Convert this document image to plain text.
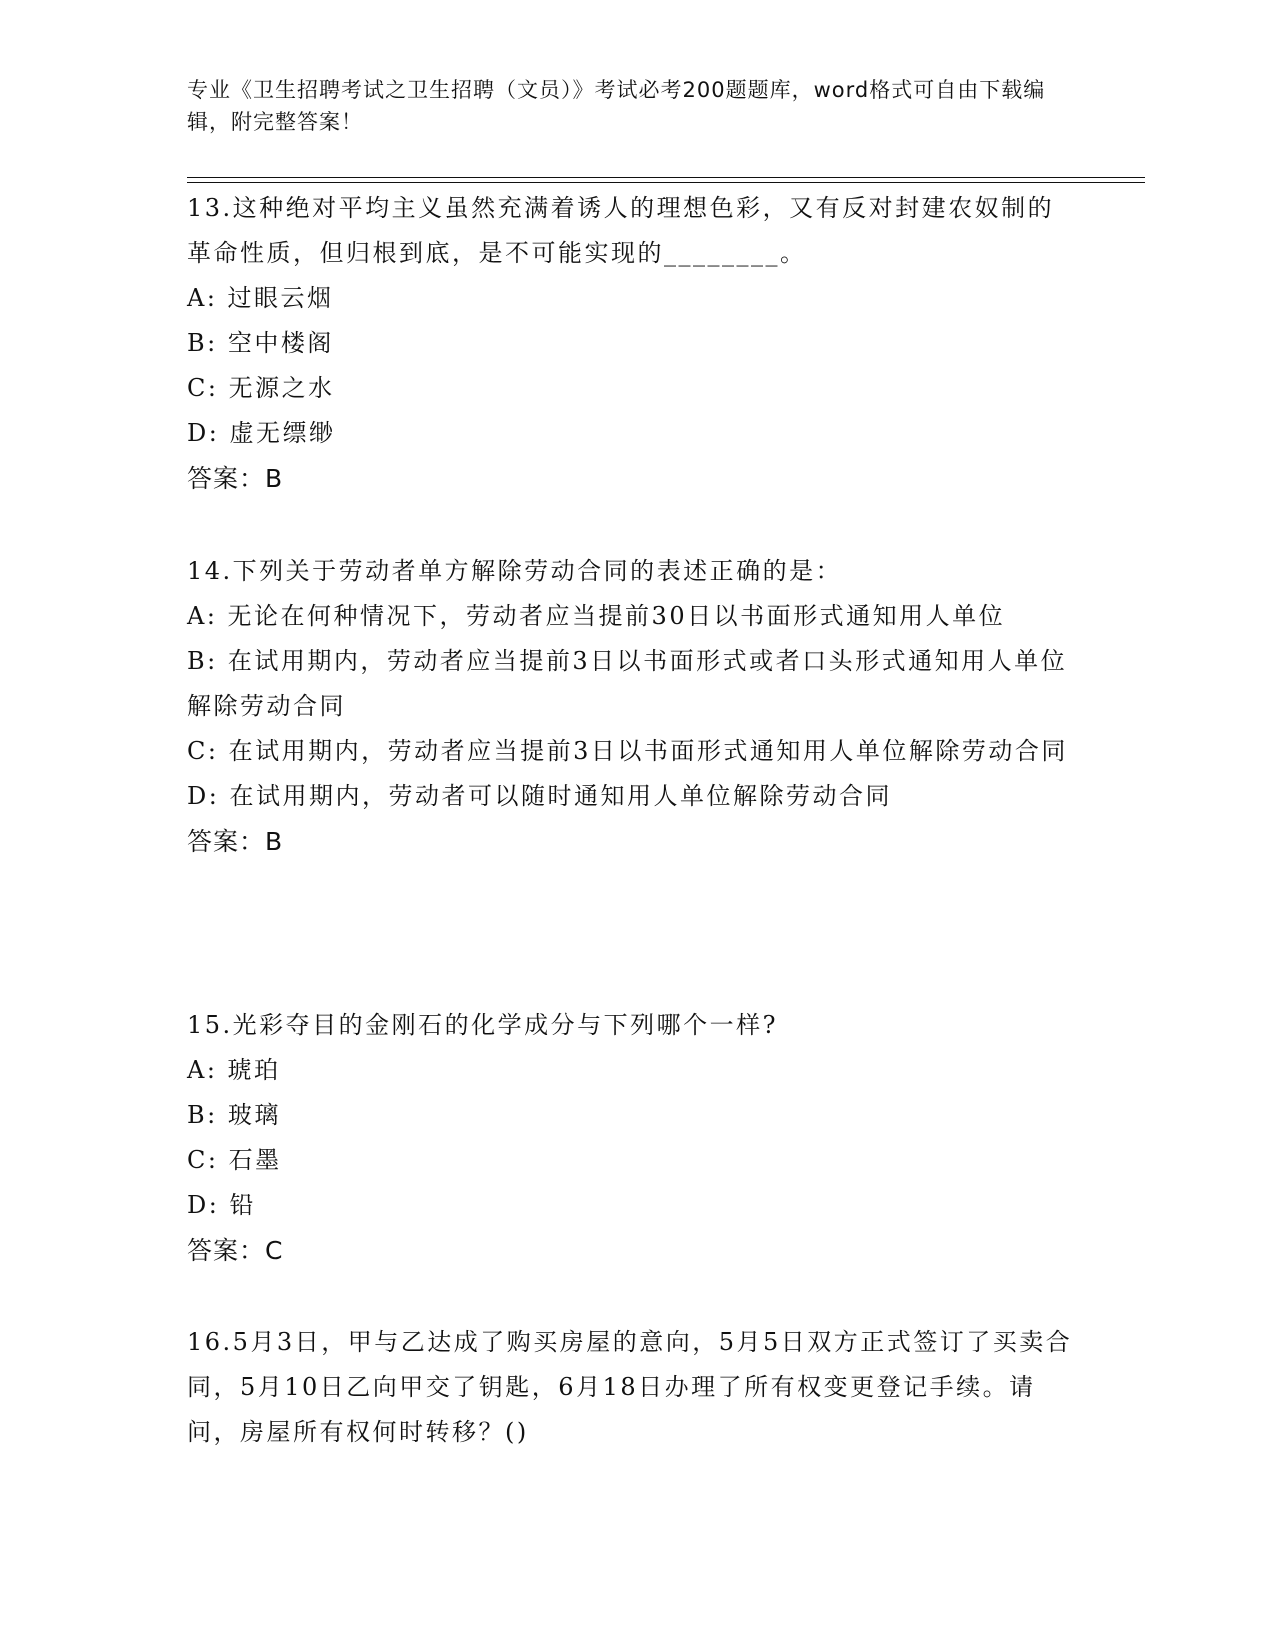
专业《卫生招聘考试之卫生招聘（文员）》考试必考200题题库，word格式可自由下载编辑，附完整答案！
13.这种绝对平均主义虽然充满着诱人的理想色彩，又有反对封建农奴制的革命性质，但归根到底，是不可能实现的________。
A: 过眼云烟
B: 空中楼阁
C: 无源之水
D: 虚无缥缈
答案：B
14.下列关于劳动者单方解除劳动合同的表述正确的是：
A: 无论在何种情况下，劳动者应当提前30日以书面形式通知用人单位
B: 在试用期内，劳动者应当提前3日以书面形式或者口头形式通知用人单位解除劳动合同
C: 在试用期内，劳动者应当提前3日以书面形式通知用人单位解除劳动合同
D: 在试用期内，劳动者可以随时通知用人单位解除劳动合同
答案：B
15.光彩夺目的金刚石的化学成分与下列哪个一样?
A: 琥珀
B: 玻璃
C: 石墨
D: 铅
答案：C
16.5月3日，甲与乙达成了购买房屋的意向，5月5日双方正式签订了买卖合同，5月10日乙向甲交了钥匙，6月18日办理了所有权变更登记手续。请问，房屋所有权何时转移？()
